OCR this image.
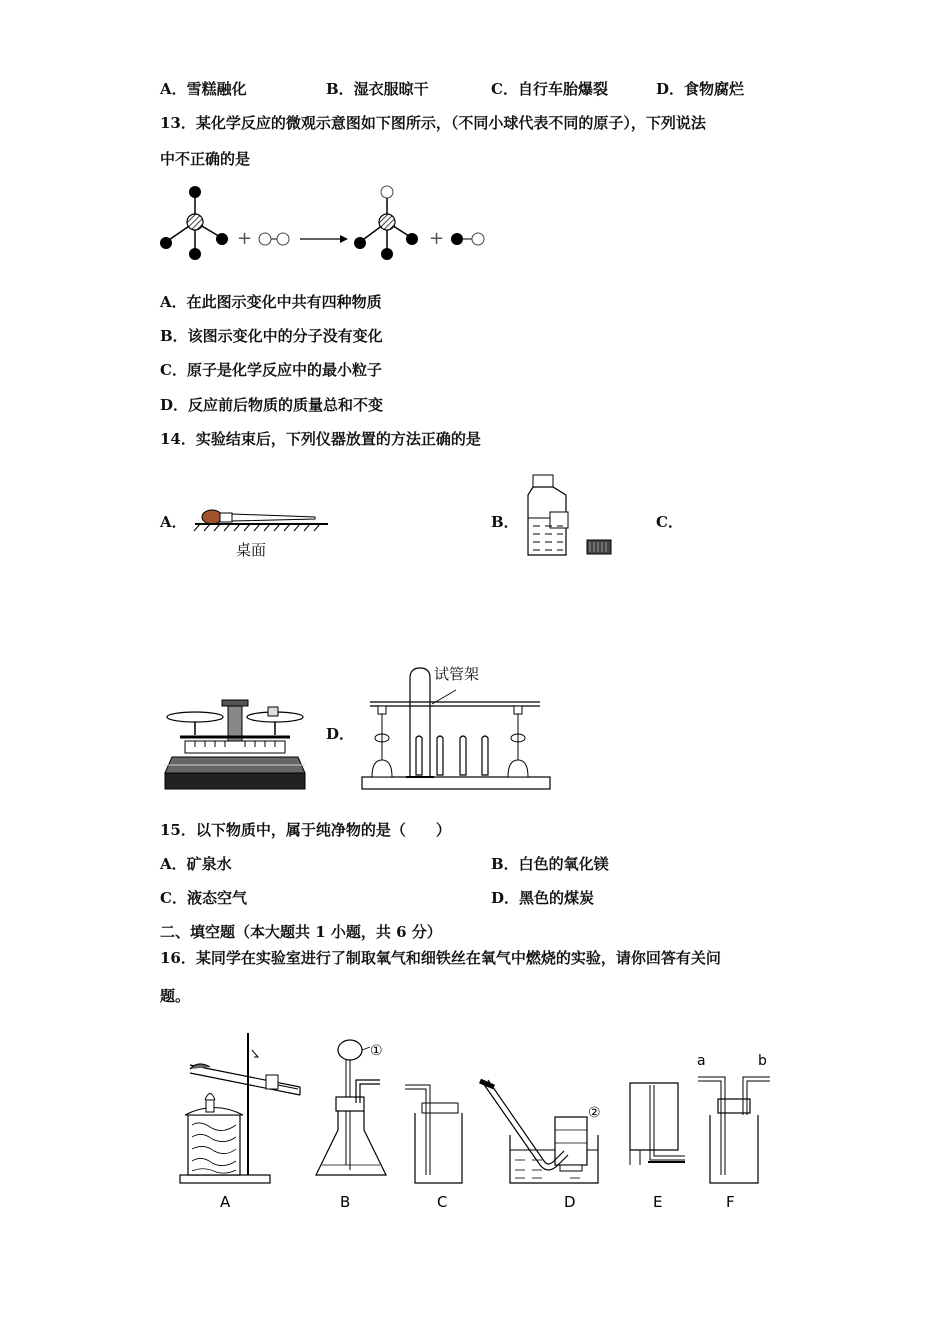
A．雪糕融化	B．湿衣服晾干	C．自行车胎爆裂	D．食物腐烂
13．某化学反应的微观示意图如下图所示，（不同小球代表不同的原子），下列说法
中不正确的是
+	+
A．在此图示变化中共有四种物质
B．该图示变化中的分子没有变化
C．原子是化学反应中的最小粒子
D．反应前后物质的质量总和不变
14．实验结束后，下列仪器放置的方法正确的是
A．
桌面
B．	C．
D．
试管架
15．以下物质中，属于纯净物的是（　　）
A．矿泉水	B．白色的氧化镁
C．液态空气	D．黑色的煤炭
二、填空题（本大题共 1 小题，共 6 分）
16．某同学在实验室进行了制取氧气和细铁丝在氧气中燃烧的实验，请你回答有关问
题。
①
②
a	b
A	B	C	D	E	F
